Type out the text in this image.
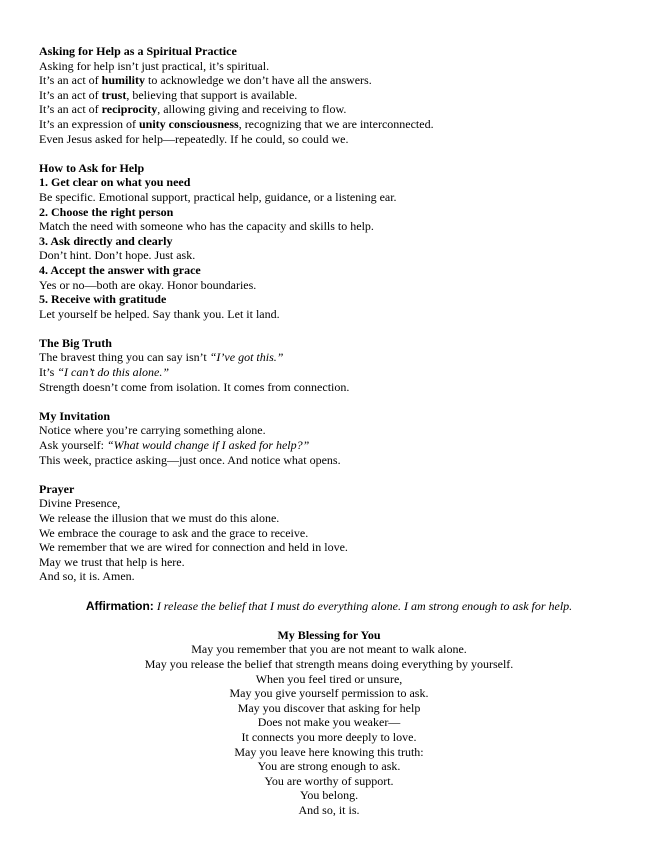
Asking for Help as a Spiritual Practice
Asking for help isn’t just practical, it’s spiritual.
It’s an act of humility to acknowledge we don’t have all the answers.
It’s an act of trust, believing that support is available.
It’s an act of reciprocity, allowing giving and receiving to flow.
It’s an expression of unity consciousness, recognizing that we are interconnected.
Even Jesus asked for help—repeatedly. If he could, so could we.
How to Ask for Help
1. Get clear on what you need
Be specific. Emotional support, practical help, guidance, or a listening ear.
2. Choose the right person
Match the need with someone who has the capacity and skills to help.
3. Ask directly and clearly
Don’t hint. Don’t hope. Just ask.
4. Accept the answer with grace
Yes or no—both are okay. Honor boundaries.
5. Receive with gratitude
Let yourself be helped. Say thank you. Let it land.
The Big Truth
The bravest thing you can say isn’t “I’ve got this.”
It’s “I can’t do this alone.”
Strength doesn’t come from isolation. It comes from connection.
My Invitation
Notice where you’re carrying something alone.
Ask yourself: “What would change if I asked for help?”
This week, practice asking—just once. And notice what opens.
Prayer
Divine Presence,
We release the illusion that we must do this alone.
We embrace the courage to ask and the grace to receive.
We remember that we are wired for connection and held in love.
May we trust that help is here.
And so, it is. Amen.
Affirmation: I release the belief that I must do everything alone. I am strong enough to ask for help.
My Blessing for You
May you remember that you are not meant to walk alone.
May you release the belief that strength means doing everything by yourself.
When you feel tired or unsure,
May you give yourself permission to ask.
May you discover that asking for help
Does not make you weaker—
It connects you more deeply to love.
May you leave here knowing this truth:
You are strong enough to ask.
You are worthy of support.
You belong.
And so, it is.
